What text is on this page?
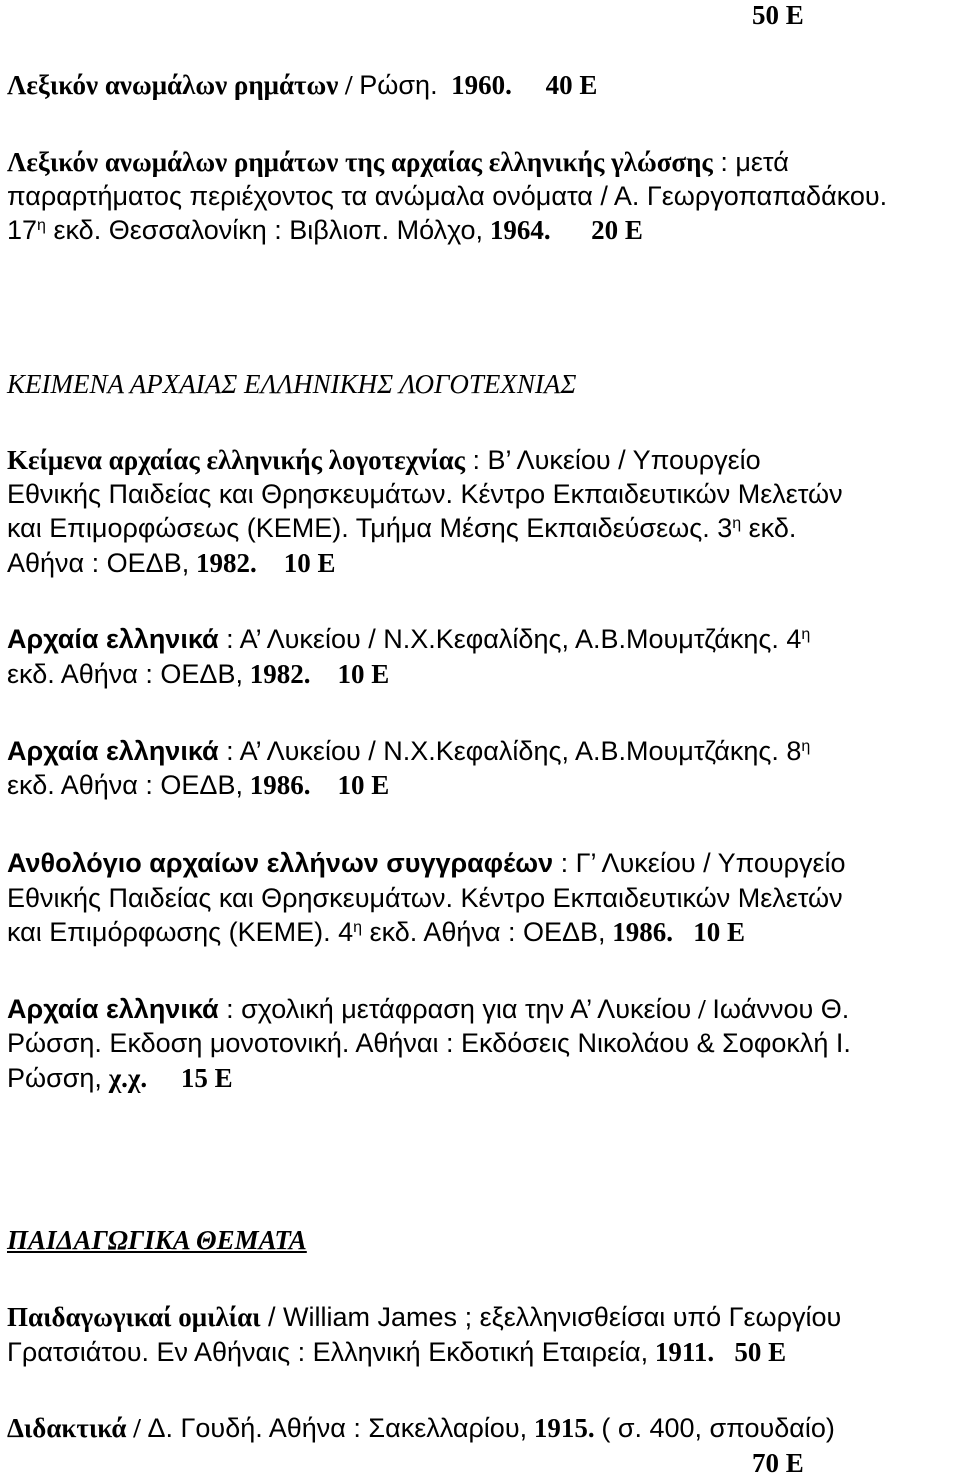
50 E
Λεξικόν ανωμάλων ρημάτων / Ρώση. 1960. 40 E
Λεξικόν ανωμάλων ρημάτων της αρχαίας ελληνικής γλώσσης : μετά
παραρτήματος περιέχοντος τα ανώμαλα ονόματα / Α. Γεωργοπαπαδάκου.
$17^\eta$ εκδ. Θεσσαλονίκη : Βιβλιοπ. Μόλχο, 1964. 20 E
ΚΕΙΜΕΝΑ ΑΡΧΑΙΑΣ ΕΛΛΗΝΙΚΗΣ ΛΟΓΟΤΕΧΝΙΑΣ
Κείμενα αρχαίας ελληνικής λογοτεχνίας : Β’ Λυκείου / Υπουργείο
Εθνικής Παιδείας και Θρησκευμάτων. Κέντρο Εκπαιδευτικών Μελετών
και Επιμορφώσεως (ΚΕΜΕ). Τμήμα Μέσης Εκπαιδεύσεως. $3^\eta$ εκδ.
Αθήνα : ΟΕΔΒ, 1982. 10 E
Αρχαία ελληνικά : Α’ Λυκείου / Ν.Χ.Κεφαλίδης, Α.Β.Μουμτζάκης. $4^\eta$
εκδ. Αθήνα : ΟΕΔΒ, 1982. 10 E
Αρχαία ελληνικά : Α’ Λυκείου / Ν.Χ.Κεφαλίδης, Α.Β.Μουμτζάκης. $8^\eta$
εκδ. Αθήνα : ΟΕΔΒ, 1986. 10 E
Ανθολόγιο αρχαίων ελλήνων συγγραφέων : Γ’ Λυκείου / Υπουργείο
Εθνικής Παιδείας και Θρησκευμάτων. Κέντρο Εκπαιδευτικών Μελετών
και Επιμόρφωσης (ΚΕΜΕ). $4^\eta$ εκδ. Αθήνα : ΟΕΔΒ, 1986. 10 E
Αρχαία ελληνικά : σχολική μετάφραση για την Α’ Λυκείου / Ιωάννου Θ.
Ρώσση. Εκδοση μονοτονική. Αθήναι : Εκδόσεις Νικολάου & Σοφοκλή Ι.
Ρώσση, χ.χ. 15 E
ΠΑΙΔΑΓΩΓΙΚΑ ΘΕΜΑΤΑ
Παιδαγωγικαί ομιλίαι / William James ; εξελληνισθείσαι υπό Γεωργίου
Γρατσιάτου. Εν Αθήναις : Ελληνική Εκδοτική Εταιρεία, 1911. 50 E
Διδακτικά / Δ. Γουδή. Αθήνα : Σακελλαρίου, 1915. ( σ. 400, σπουδαίο)
70 E
